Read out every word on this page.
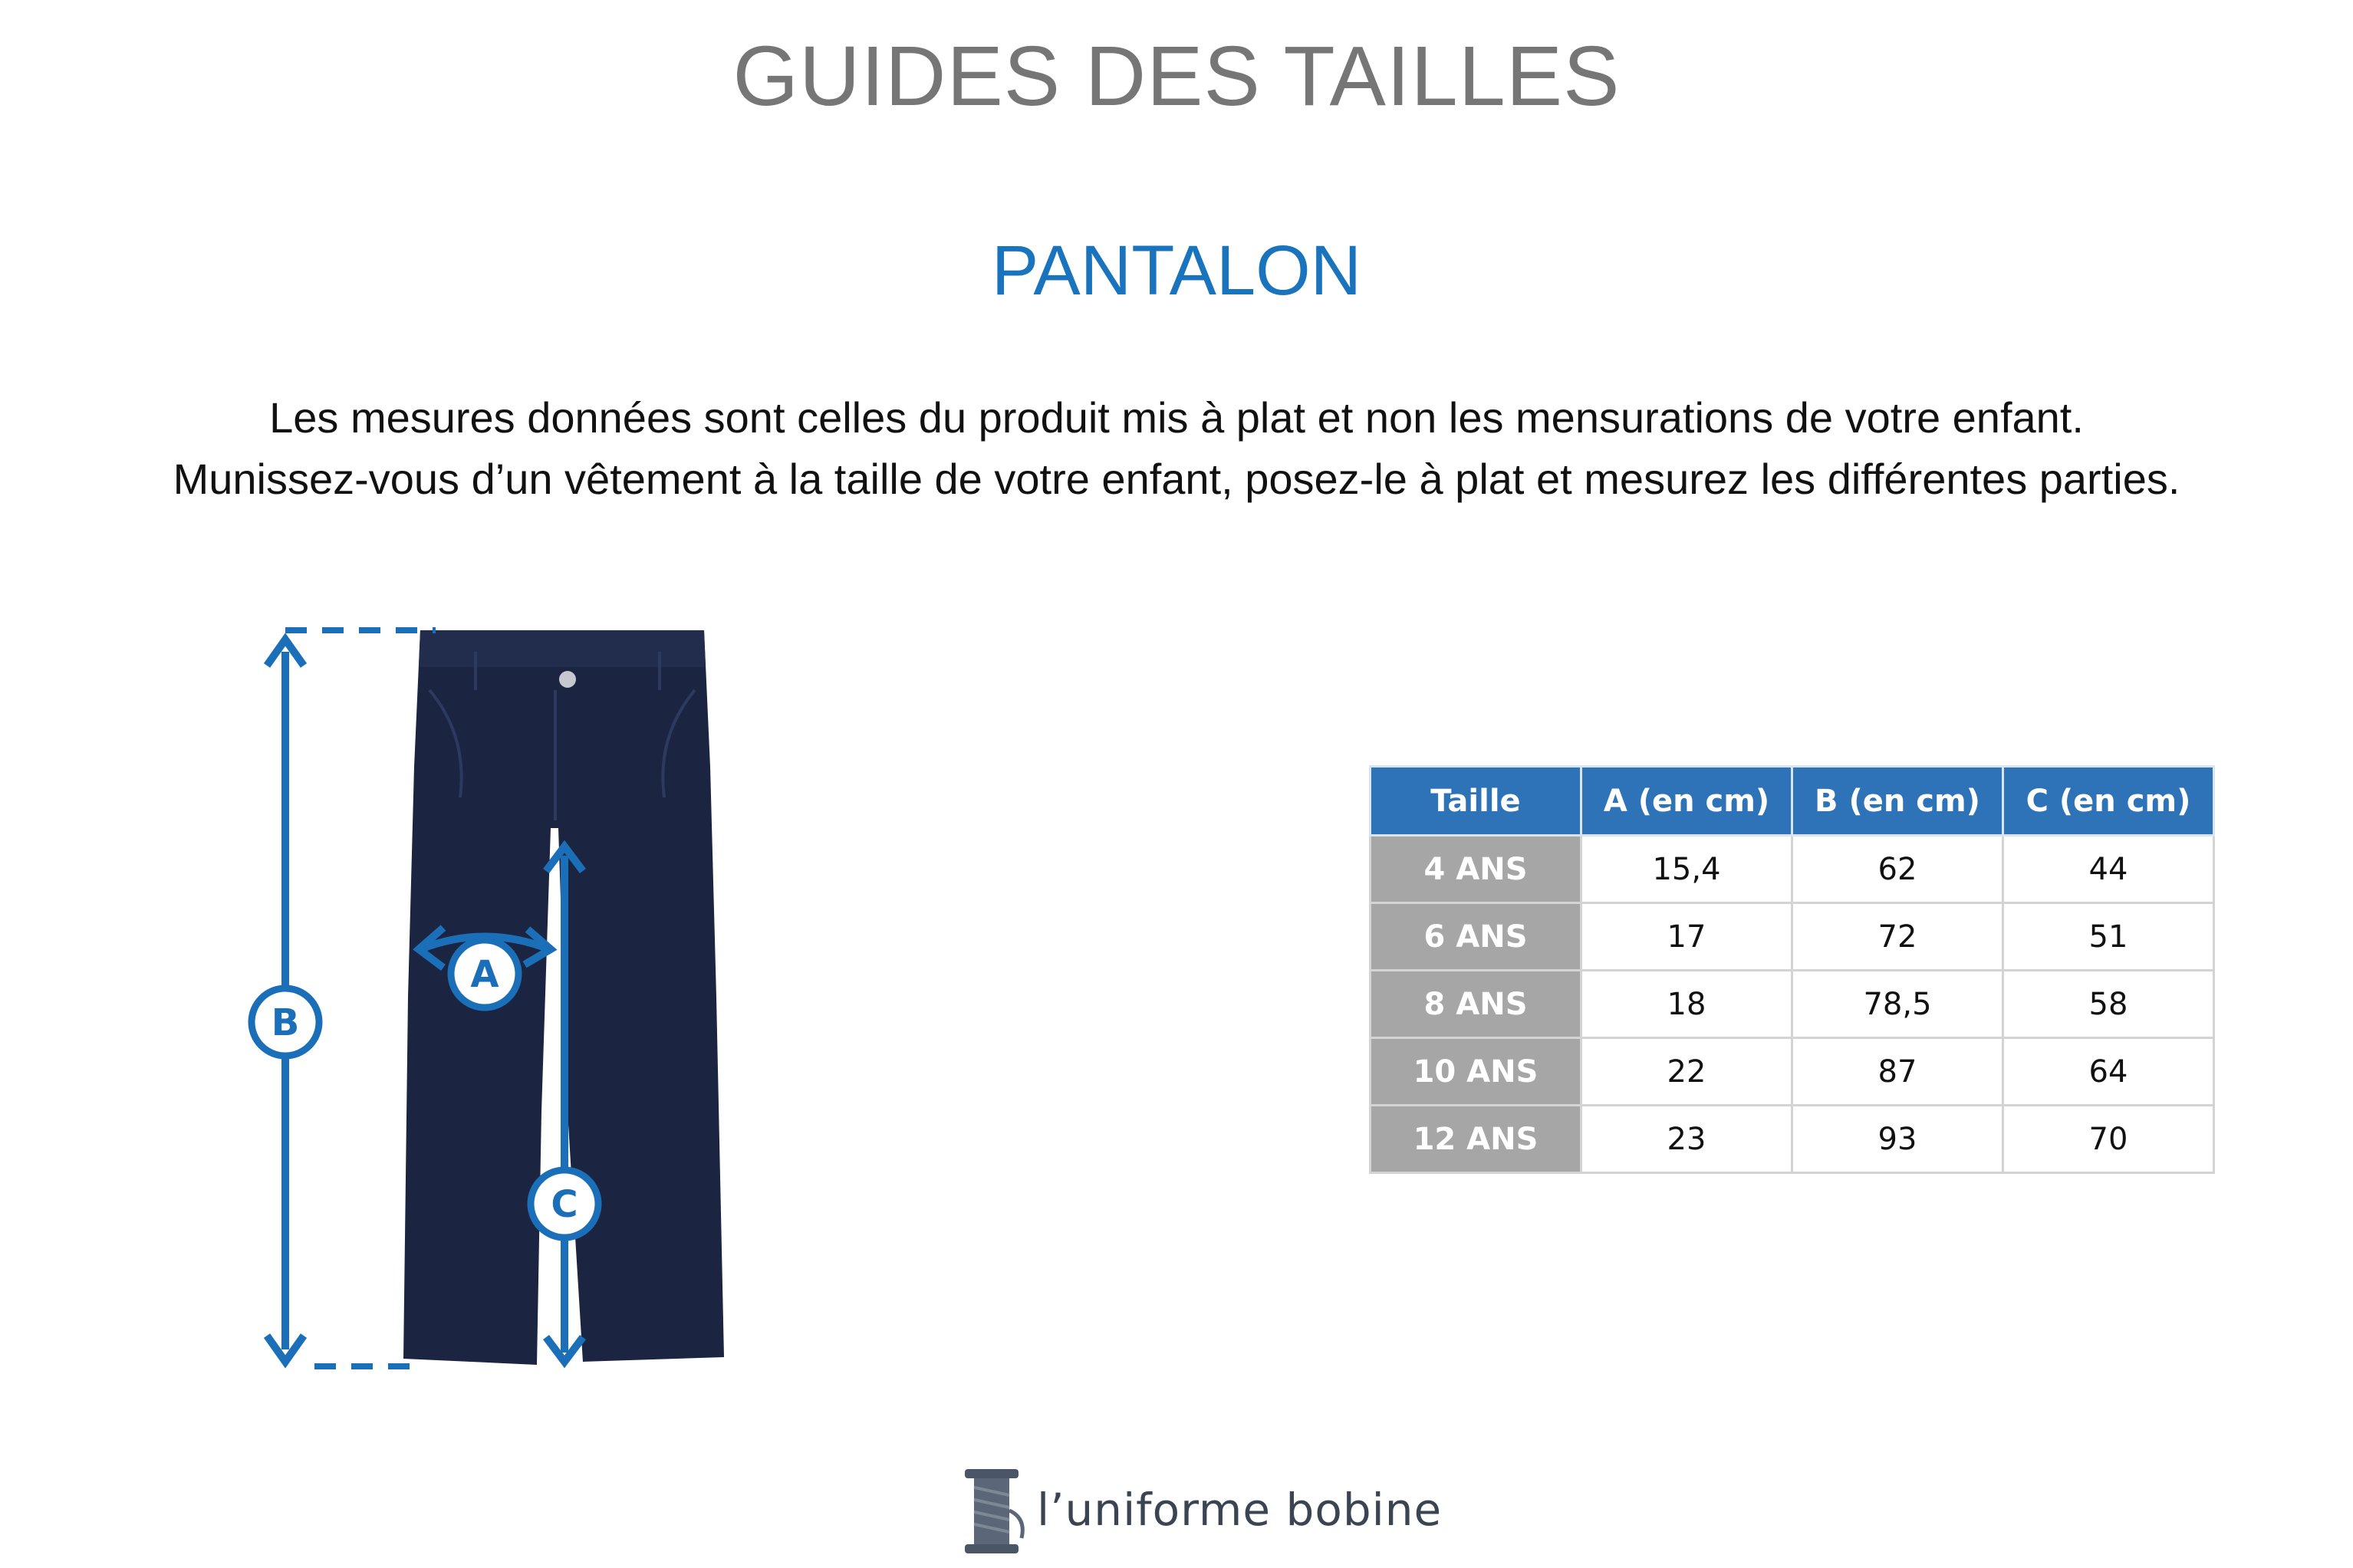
GUIDES DES TAILLES
PANTALON
Les mesures données sont celles du produit mis à plat et non les mensurations de votre enfant.
Munissez-vous d’un vêtement à la taille de votre enfant, posez-le à plat et mesurez les différentes parties.
B
A
C
Taille	A (en cm)	B (en cm)	C (en cm)
4 ANS	15,4	62	44
6 ANS	17	72	51
8 ANS	18	78,5	58
10 ANS	22	87	64
12 ANS	23	93	70
l’uniforme bobine
